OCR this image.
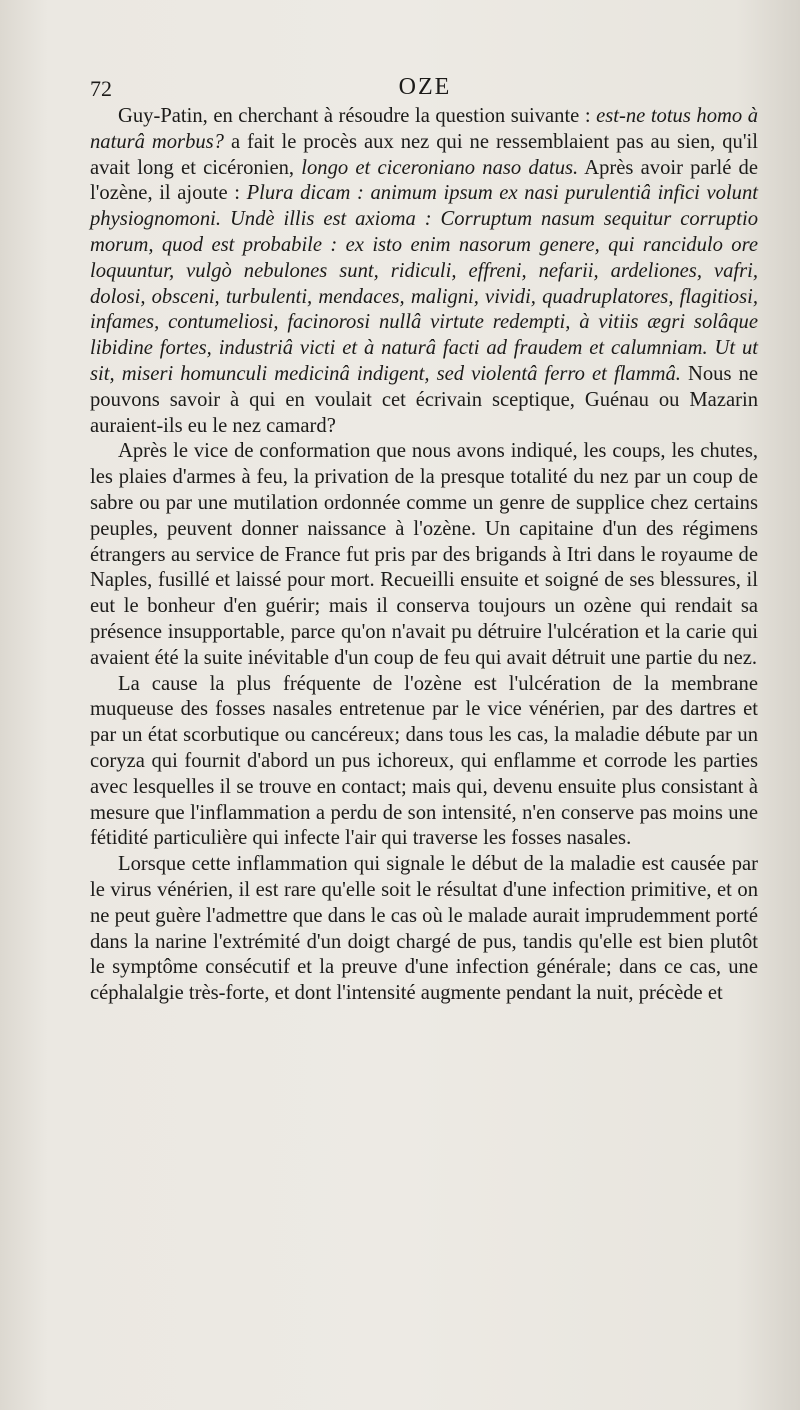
72	OZE

Guy-Patin, en cherchant à résoudre la question suivante : est-ne totus homo à naturâ morbus? a fait le procès aux nez qui ne ressemblaient pas au sien, qu'il avait long et cicéronien, longo et ciceroniano naso datus. Après avoir parlé de l'ozène, il ajoute : Plura dicam : animum ipsum ex nasi purulentiâ infici volunt physiognomoni. Undè illis est axioma : Corruptum nasum sequitur corruptio morum, quod est probabile : ex isto enim nasorum genere, qui rancidulo ore loquuntur, vulgò nebulones sunt, ridiculi, effreni, nefarii, ardeliones, vafri, dolosi, obsceni, turbulenti, mendaces, maligni, vividi, quadruplatores, flagitiosi, infames, contumeliosi, facinorosi nullâ virtute redempti, à vitiis ægri solâque libidine fortes, industriâ victi et à naturâ facti ad fraudem et calumniam. Ut ut sit, miseri homunculi medicinâ indigent, sed violentâ ferro et flammâ. Nous ne pouvons savoir à qui en voulait cet écrivain sceptique, Guénau ou Mazarin auraient-ils eu le nez camard?

Après le vice de conformation que nous avons indiqué, les coups, les chutes, les plaies d'armes à feu, la privation de la presque totalité du nez par un coup de sabre ou par une mutilation ordonnée comme un genre de supplice chez certains peuples, peuvent donner naissance à l'ozène. Un capitaine d'un des régimens étrangers au service de France fut pris par des brigands à Itri dans le royaume de Naples, fusillé et laissé pour mort. Recueilli ensuite et soigné de ses blessures, il eut le bonheur d'en guérir; mais il conserva toujours un ozène qui rendait sa présence insupportable, parce qu'on n'avait pu détruire l'ulcération et la carie qui avaient été la suite inévitable d'un coup de feu qui avait détruit une partie du nez.

La cause la plus fréquente de l'ozène est l'ulcération de la membrane muqueuse des fosses nasales entretenue par le vice vénérien, par des dartres et par un état scorbutique ou cancéreux; dans tous les cas, la maladie débute par un coryza qui fournit d'abord un pus ichoreux, qui enflamme et corrode les parties avec lesquelles il se trouve en contact; mais qui, devenu ensuite plus consistant à mesure que l'inflammation a perdu de son intensité, n'en conserve pas moins une fétidité particulière qui infecte l'air qui traverse les fosses nasales.

Lorsque cette inflammation qui signale le début de la maladie est causée par le virus vénérien, il est rare qu'elle soit le résultat d'une infection primitive, et on ne peut guère l'admettre que dans le cas où le malade aurait imprudemment porté dans la narine l'extrémité d'un doigt chargé de pus, tandis qu'elle est bien plutôt le symptôme consécutif et la preuve d'une infection générale; dans ce cas, une céphalalgie très-forte, et dont l'intensité augmente pendant la nuit, précède et
